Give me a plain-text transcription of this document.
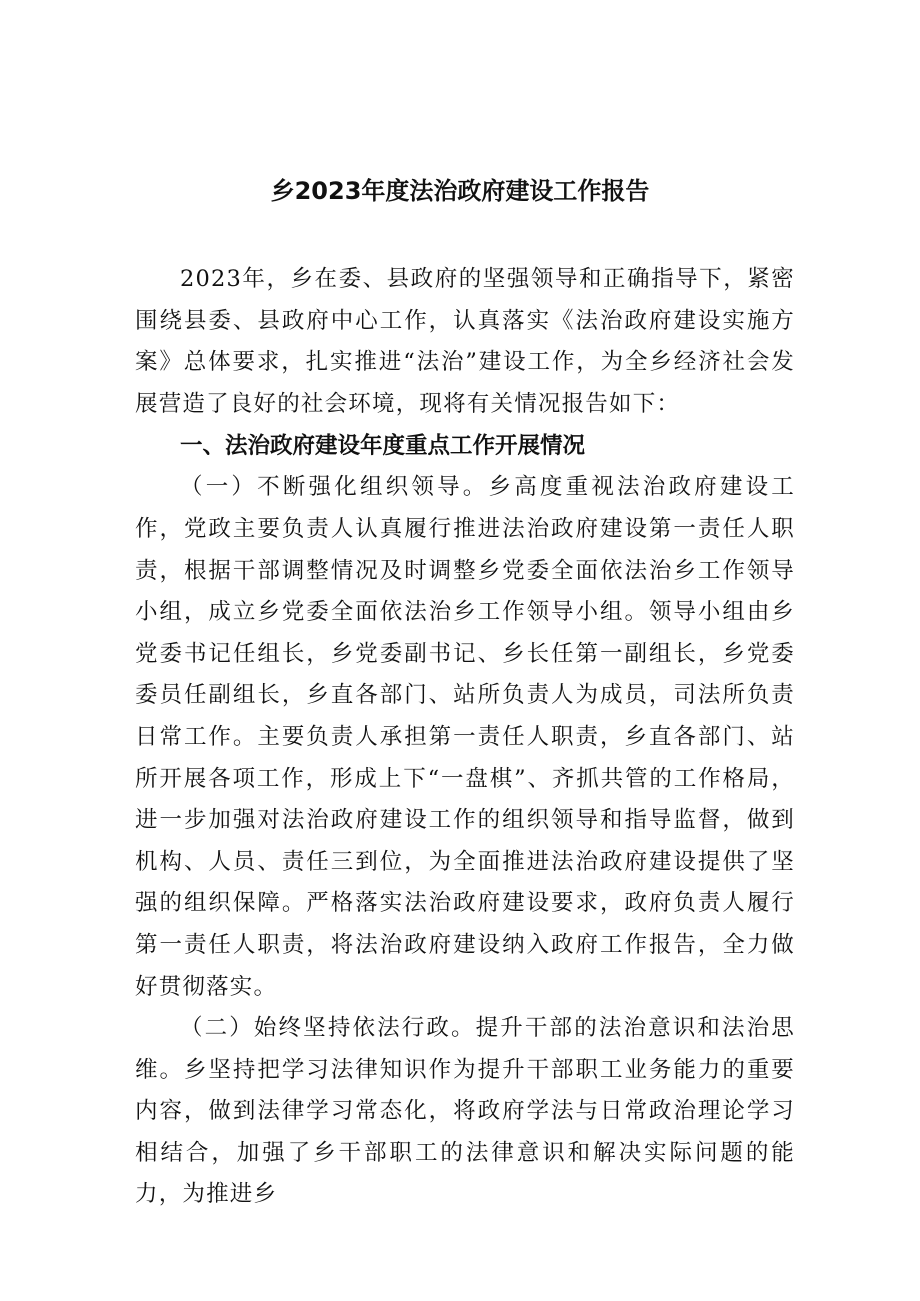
乡2023年度法治政府建设工作报告

2023年，乡在委、县政府的坚强领导和正确指导下，紧密围绕县委、县政府中心工作，认真落实《法治政府建设实施方案》总体要求，扎实推进“法治”建设工作，为全乡经济社会发展营造了良好的社会环境，现将有关情况报告如下：

一、法治政府建设年度重点工作开展情况

（一）不断强化组织领导。乡高度重视法治政府建设工作，党政主要负责人认真履行推进法治政府建设第一责任人职责，根据干部调整情况及时调整乡党委全面依法治乡工作领导小组，成立乡党委全面依法治乡工作领导小组。领导小组由乡党委书记任组长，乡党委副书记、乡长任第一副组长，乡党委委员任副组长，乡直各部门、站所负责人为成员，司法所负责日常工作。主要负责人承担第一责任人职责，乡直各部门、站所开展各项工作，形成上下“一盘棋”、齐抓共管的工作格局，进一步加强对法治政府建设工作的组织领导和指导监督，做到机构、人员、责任三到位，为全面推进法治政府建设提供了坚强的组织保障。严格落实法治政府建设要求，政府负责人履行第一责任人职责，将法治政府建设纳入政府工作报告，全力做好贯彻落实。

（二）始终坚持依法行政。提升干部的法治意识和法治思维。乡坚持把学习法律知识作为提升干部职工业务能力的重要内容，做到法律学习常态化，将政府学法与日常政治理论学习相结合，加强了乡干部职工的法律意识和解决实际问题的能力，为推进乡
